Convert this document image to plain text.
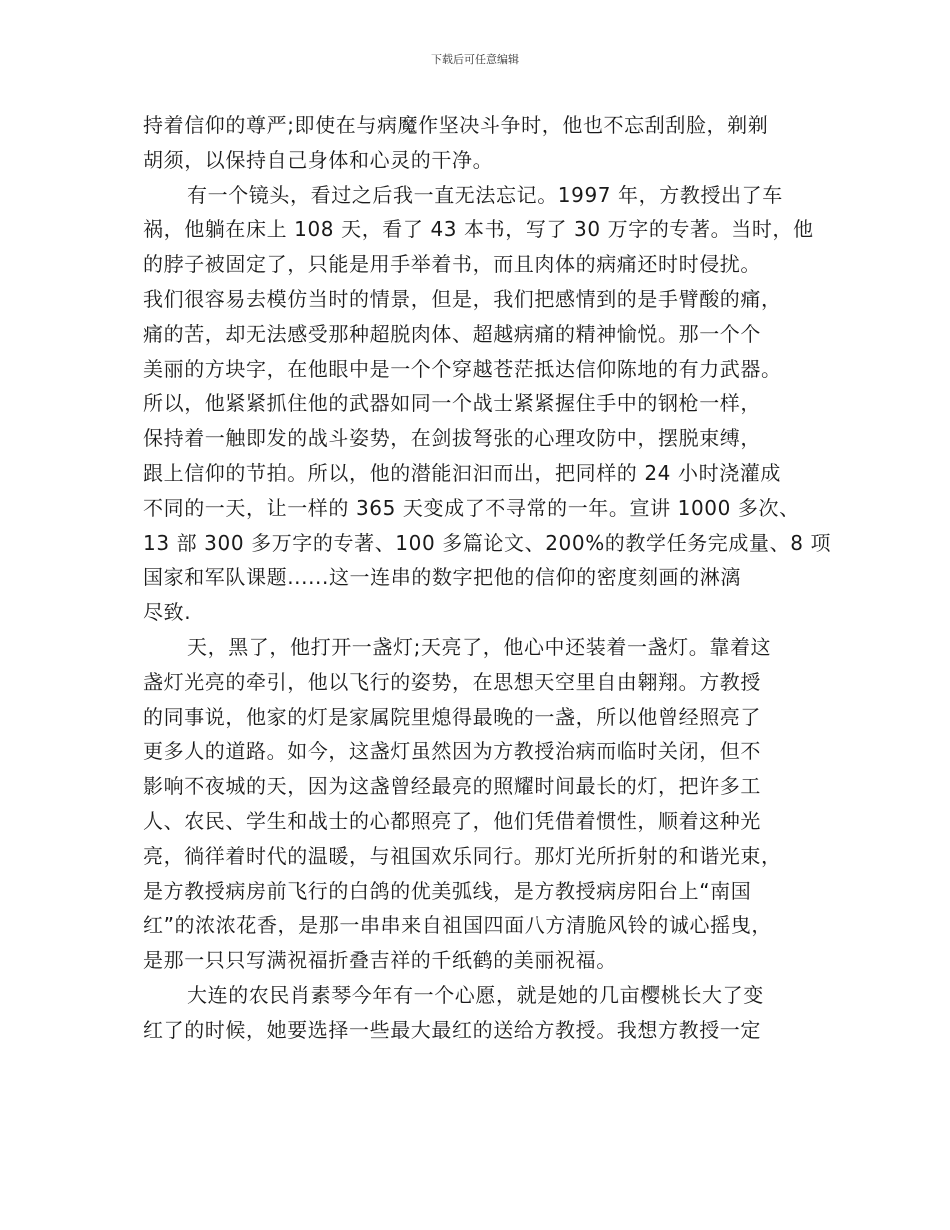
下载后可任意编辑
持着信仰的尊严;即使在与病魔作坚决斗争时，他也不忘刮刮脸，剃剃
胡须，以保持自己身体和心灵的干净。
有一个镜头，看过之后我一直无法忘记。1997 年，方教授出了车
祸，他躺在床上 108 天，看了 43 本书，写了 30 万字的专著。当时，他
的脖子被固定了，只能是用手举着书，而且肉体的病痛还时时侵扰。
我们很容易去模仿当时的情景，但是，我们把感情到的是手臂酸的痛，
痛的苦，却无法感受那种超脱肉体、超越病痛的精神愉悦。那一个个
美丽的方块字，在他眼中是一个个穿越苍茫抵达信仰陈地的有力武器。
所以，他紧紧抓住他的武器如同一个战士紧紧握住手中的钢枪一样，
保持着一触即发的战斗姿势，在剑拔弩张的心理攻防中，摆脱束缚，
跟上信仰的节拍。所以，他的潜能汩汩而出，把同样的 24 小时浇灌成
不同的一天，让一样的 365 天变成了不寻常的一年。宣讲 1000 多次、
13 部 300 多万字的专著、100 多篇论文、200%的教学任务完成量、8 项
国家和军队课题......这一连串的数字把他的信仰的密度刻画的淋漓
尽致.
天，黑了，他打开一盏灯;天亮了，他心中还装着一盏灯。靠着这
盏灯光亮的牵引，他以飞行的姿势，在思想天空里自由翱翔。方教授
的同事说，他家的灯是家属院里熄得最晚的一盏，所以他曾经照亮了
更多人的道路。如今，这盏灯虽然因为方教授治病而临时关闭，但不
影响不夜城的天，因为这盏曾经最亮的照耀时间最长的灯，把许多工
人、农民、学生和战士的心都照亮了，他们凭借着惯性，顺着这种光
亮，徜徉着时代的温暖，与祖国欢乐同行。那灯光所折射的和谐光束，
是方教授病房前飞行的白鸽的优美弧线，是方教授病房阳台上“南国
红”的浓浓花香，是那一串串来自祖国四面八方清脆风铃的诚心摇曳，
是那一只只写满祝福折叠吉祥的千纸鹤的美丽祝福。
大连的农民肖素琴今年有一个心愿，就是她的几亩樱桃长大了变
红了的时候，她要选择一些最大最红的送给方教授。我想方教授一定
